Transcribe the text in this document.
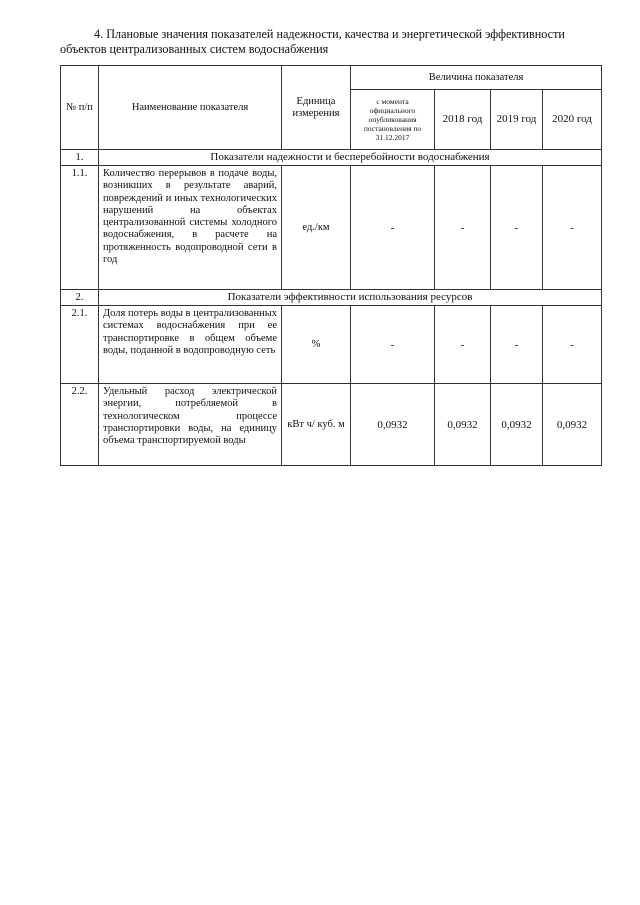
4. Плановые значения показателей надежности, качества и энергетической эффективности объектов централизованных систем водоснабжения
№ п/п	Наименование показателя	Единица измерения	Величина показателя			
			с момента официального опубликования постановления по 31.12.2017	2018 год	2019 год	2020 год
1.	Показатели надежности и бесперебойности водоснабжения					
1.1.	Количество перерывов в подаче воды, возникших в результате аварий, повреждений и иных технологических нарушений на объектах централизованной системы холодного водоснабжения, в расчете на протяженность водопроводной сети в год	ед./км	-	-	-	-
2.	Показатели эффективности использования ресурсов					
2.1.	Доля потерь воды в централизованных системах водоснабжения при ее транспортировке в общем объеме воды, поданной в водопроводную сеть	%	-	-	-	-
2.2.	Удельный расход электрической энергии, потребляемой в технологическом процессе транспортировки воды, на единицу объема транспортируемой воды	кВт ч/ куб. м	0,0932	0,0932	0,0932	0,0932
